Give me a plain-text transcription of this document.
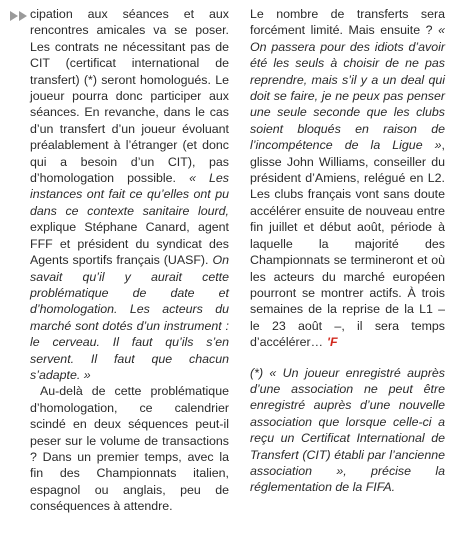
cipation aux séances et aux rencontres amicales va se poser. Les contrats ne nécessitant pas de CIT (certificat international de transfert) (*) seront homologués. Le joueur pourra donc participer aux séances. En revanche, dans le cas d’un transfert d’un joueur évoluant préalablement à l’étranger (et donc qui a besoin d’un CIT), pas d’homologation possible. « Les instances ont fait ce qu’elles ont pu dans ce contexte sanitaire lourd, explique Stéphane Canard, agent FFF et président du syndicat des Agents sportifs français (UASF). On savait qu’il y aurait cette problématique de date et d’homologation. Les acteurs du marché sont dotés d’un instrument : le cerveau. Il faut qu’ils s’en servent. Il faut que chacun s’adapte. »

Au-delà de cette problématique d’homologation, ce calendrier scindé en deux séquences peut-il peser sur le volume de transactions ? Dans un premier temps, avec la fin des Championnats italien, espagnol ou anglais, peu de conséquences à attendre.

Le nombre de transferts sera forcément limité. Mais ensuite ? « On passera pour des idiots d’avoir été les seuls à choisir de ne pas reprendre, mais s’il y a un deal qui doit se faire, je ne peux pas penser une seule seconde que les clubs soient bloqués en raison de l’incompétence de la Ligue », glisse John Williams, conseiller du président d’Amiens, relégué en L2. Les clubs français vont sans doute accélérer ensuite de nouveau entre fin juillet et début août, période à laquelle la majorité des Championnats se termineront et où les acteurs du marché européen pourront se montrer actifs. À trois semaines de la reprise de la L1 – le 23 août –, il sera temps d’accélérer… 'F

(*) « Un joueur enregistré auprès d’une association ne peut être enregistré auprès d’une nouvelle association que lorsque celle-ci a reçu un Certificat International de Transfert (CIT) établi par l’ancienne association », précise la réglementation de la FIFA.
